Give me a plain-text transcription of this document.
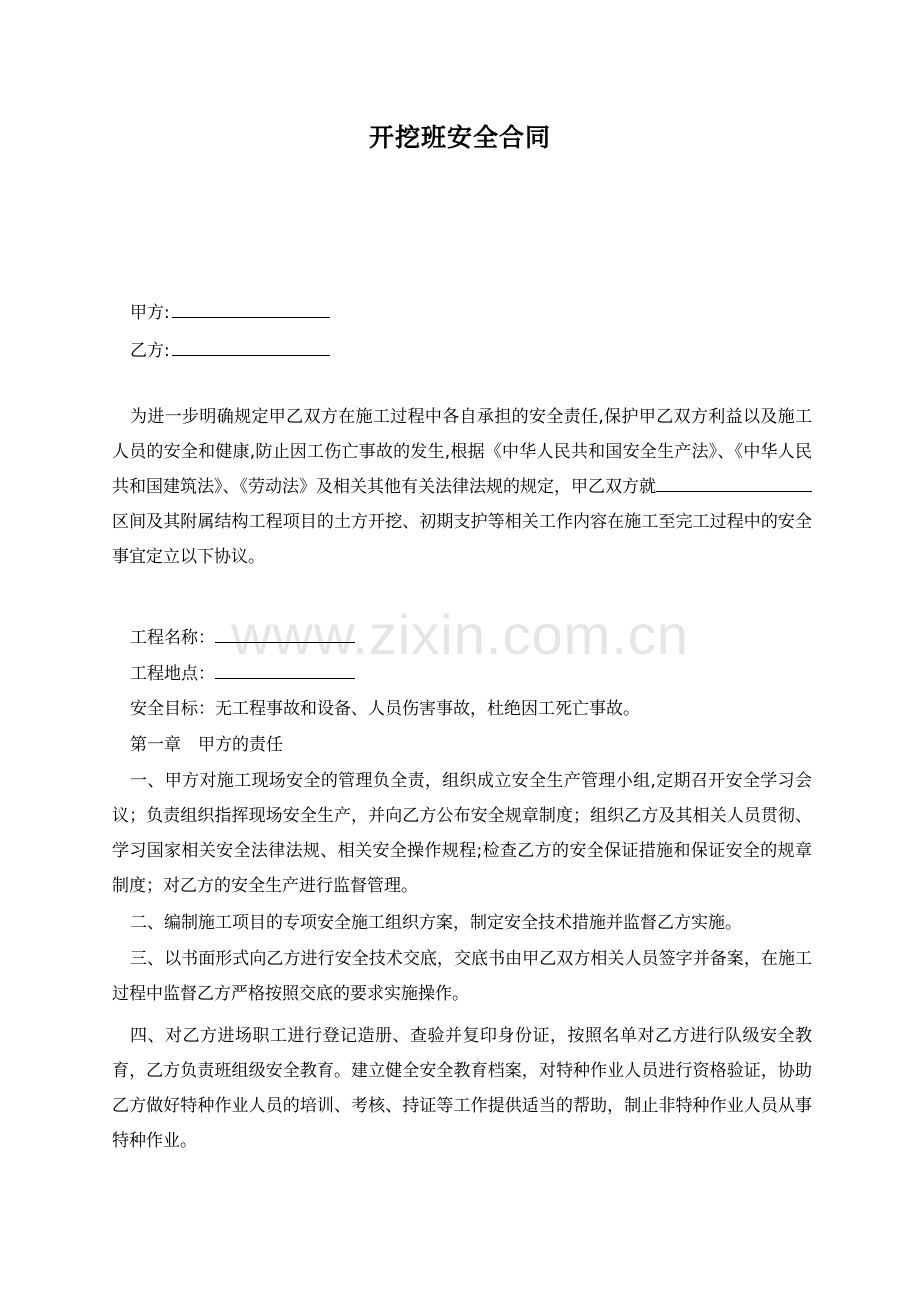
开挖班安全合同
甲方:
乙方:
为进一步明确规定甲乙双方在施工过程中各自承担的安全责任,保护甲乙双方利益以及施工人员的安全和健康,防止因工伤亡事故的发生,根据《中华人民共和国安全生产法》、《中华人民共和国建筑法》、《劳动法》及相关其他有关法律法规的规定，甲乙双方就区间及其附属结构工程项目的土方开挖、初期支护等相关工作内容在施工至完工过程中的安全事宜定立以下协议。
www.zixin.com.cn
工程名称：
工程地点：
安全目标：无工程事故和设备、人员伤害事故，杜绝因工死亡事故。
第一章　甲方的责任
一、甲方对施工现场安全的管理负全责，组织成立安全生产管理小组,定期召开安全学习会议；负责组织指挥现场安全生产，并向乙方公布安全规章制度；组织乙方及其相关人员贯彻、学习国家相关安全法律法规、相关安全操作规程;检查乙方的安全保证措施和保证安全的规章制度；对乙方的安全生产进行监督管理。
二、编制施工项目的专项安全施工组织方案，制定安全技术措施并监督乙方实施。
三、以书面形式向乙方进行安全技术交底，交底书由甲乙双方相关人员签字并备案，在施工过程中监督乙方严格按照交底的要求实施操作。
四、对乙方进场职工进行登记造册、查验并复印身份证，按照名单对乙方进行队级安全教育，乙方负责班组级安全教育。建立健全安全教育档案，对特种作业人员进行资格验证，协助乙方做好特种作业人员的培训、考核、持证等工作提供适当的帮助，制止非特种作业人员从事特种作业。
